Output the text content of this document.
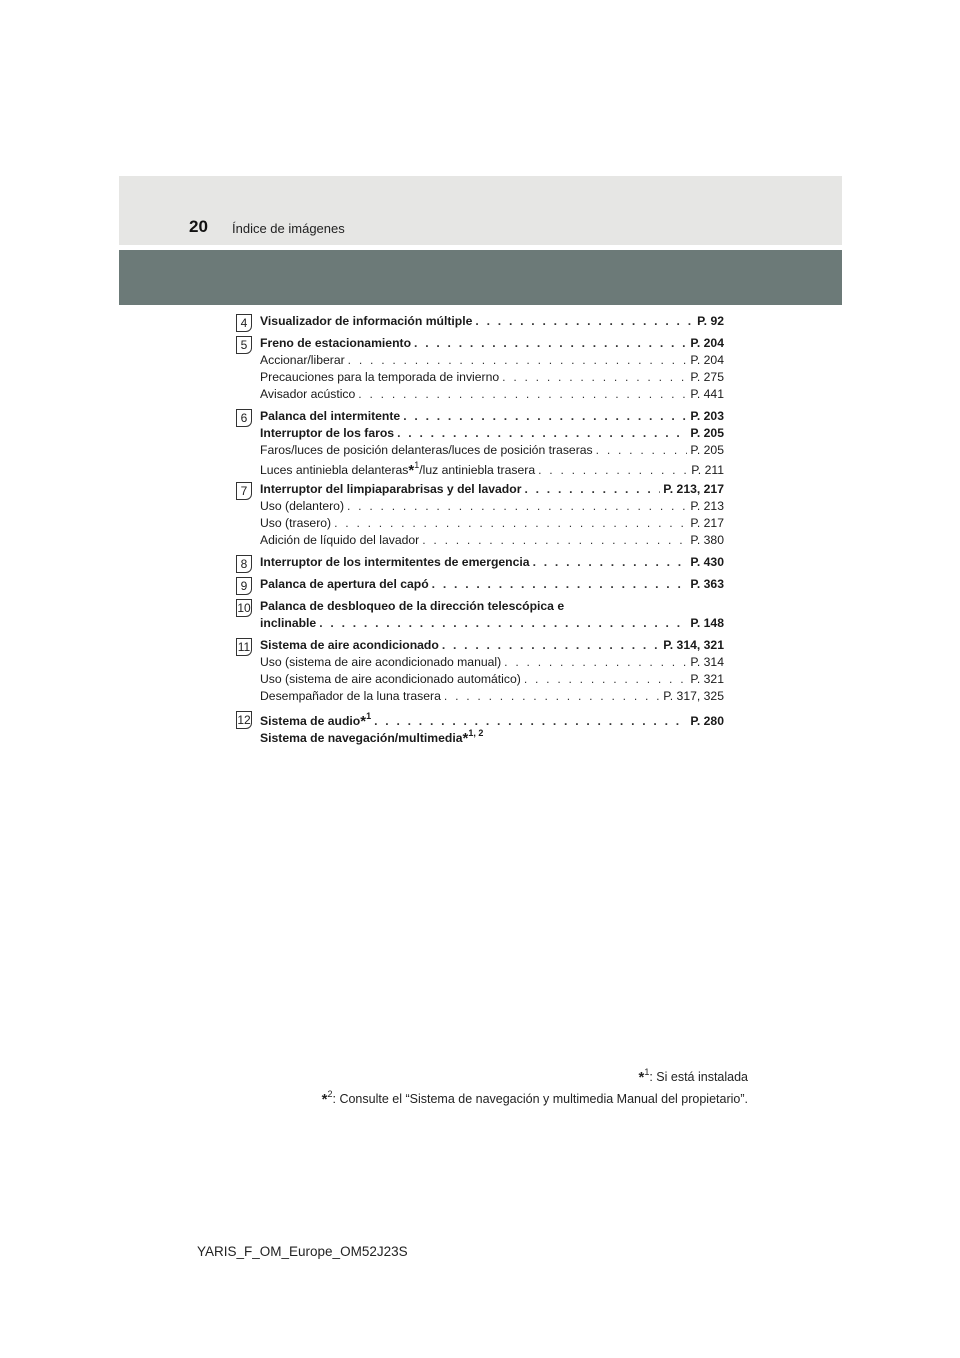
20 Índice de imágenes
4	Visualizador de información múltiple . . .	P. 92
5	Freno de estacionamiento . . .	P. 204
Accionar/liberar . . .	P. 204
Precauciones para la temporada de invierno . . .	P. 275
Avisador acústico . . .	P. 441
6	Palanca del intermitente . . .	P. 203
Interruptor de los faros . . .	P. 205
Faros/luces de posición delanteras/luces de posición traseras . . .	P. 205
Luces antiniebla delanteras*$^1$/luz antiniebla trasera . . .	P. 211
7	Interruptor del limpiaparabrisas y del lavador . . .	P. 213, 217
Uso (delantero) . . .	P. 213
Uso (trasero) . . .	P. 217
Adición de líquido del lavador . . .	P. 380
8	Interruptor de los intermitentes de emergencia . . .	P. 430
9	Palanca de apertura del capó . . .	P. 363
10 Palanca de desbloqueo de la dirección telescópica e
inclinable . . .	P. 148
11 Sistema de aire acondicionado . . .	P. 314, 321
Uso (sistema de aire acondicionado manual) . . .	P. 314
Uso (sistema de aire acondicionado automático) . . .	P. 321
Desempañador de la luna trasera . . .	P. 317, 325
12 Sistema de audio*$^1$ . . .	P. 280
Sistema de navegación/multimedia*$^{1, 2}$
*$^1$: Si está instalada
*$^2$: Consulte el “Sistema de navegación y multimedia Manual del propietario”.
YARIS_F_OM_Europe_OM52J23S
